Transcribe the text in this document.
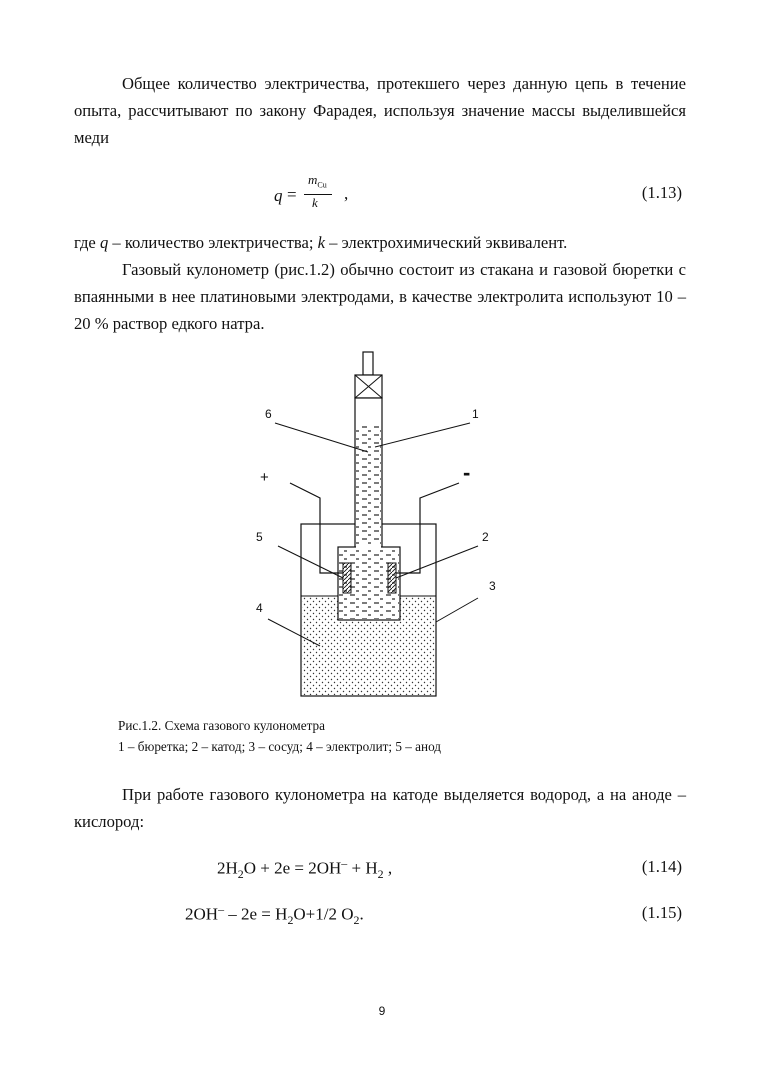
Общее количество электричества, протекшего через данную цепь в течение опыта, рассчитывают по закону Фарадея, используя значение массы выделившейся меди

q =
$m_{Cu}$
k ,	(1.13)

где q – количество электричества; k – электрохимический эквивалент.

Газовый кулонометр (рис.1.2) обычно состоит из стакана и газовой бюретки с впаянными в нее платиновыми электродами, в качестве электролита используют 10 – 20 % раствор едкого натра.

6	1
+	-
5	2
3
4
Рис.1.2. Схема газового кулонометра
1 – бюретка; 2 – катод; 3 – сосуд; 4 – электролит; 5 – анод

При работе газового кулонометра на катоде выделяется водород, а на аноде – кислород:

$2H_2O + 2e = 2OH^- + H_2$ ,	(1.14)
$2OH^- - 2e = H_2O+1/2$ $O_2$.	(1.15)
9
